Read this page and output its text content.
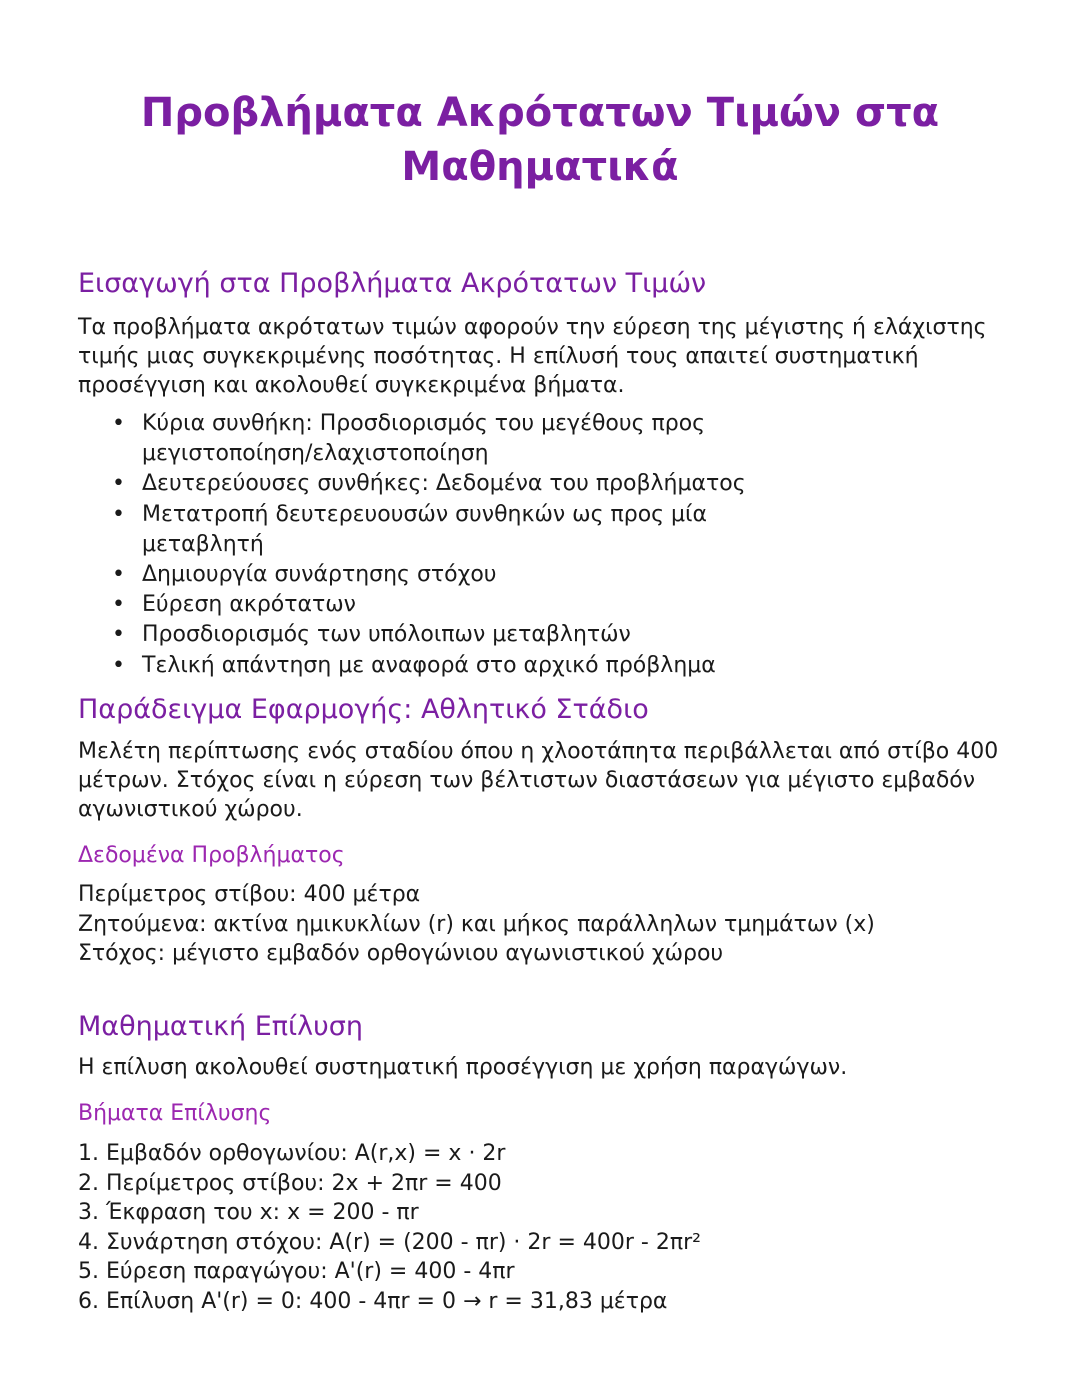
Προβλήματα Ακρότατων Τιμών στα Μαθηματικά
Εισαγωγή στα Προβλήματα Ακρότατων Τιμών

Τα προβλήματα ακρότατων τιμών αφορούν την εύρεση της μέγιστης ή ελάχιστης τιμής μιας συγκεκριμένης ποσότητας. Η επίλυσή τους απαιτεί συστηματική προσέγγιση και ακολουθεί συγκεκριμένα βήματα.

• Κύρια συνθήκη: Προσδιορισμός του μεγέθους προς μεγιστοποίηση/ελαχιστοποίηση
• Δευτερεύουσες συνθήκες: Δεδομένα του προβλήματος
• Μετατροπή δευτερευουσών συνθηκών ως προς μία μεταβλητή
• Δημιουργία συνάρτησης στόχου
• Εύρεση ακρότατων
• Προσδιορισμός των υπόλοιπων μεταβλητών
• Τελική απάντηση με αναφορά στο αρχικό πρόβλημα
Παράδειγμα Εφαρμογής: Αθλητικό Στάδιο

Μελέτη περίπτωσης ενός σταδίου όπου η χλοοτάπητα περιβάλλεται από στίβο 400 μέτρων. Στόχος είναι η εύρεση των βέλτιστων διαστάσεων για μέγιστο εμβαδόν αγωνιστικού χώρου.

Δεδομένα Προβλήματος
Περίμετρος στίβου: 400 μέτρα
Ζητούμενα: ακτίνα ημικυκλίων (r) και μήκος παράλληλων τμημάτων (x)
Στόχος: μέγιστο εμβαδόν ορθογώνιου αγωνιστικού χώρου
Μαθηματική Επίλυση

Η επίλυση ακολουθεί συστηματική προσέγγιση με χρήση παραγώγων.

Βήματα Επίλυσης
1. Εμβαδόν ορθογωνίου: A(r,x) = x · 2r
2. Περίμετρος στίβου: 2x + 2πr = 400
3. Έκφραση του x: x = 200 - πr
4. Συνάρτηση στόχου: A(r) = (200 - πr) · 2r = 400r - 2πr²
5. Εύρεση παραγώγου: A'(r) = 400 - 4πr
6. Επίλυση A'(r) = 0: 400 - 4πr = 0 → r = 31,83 μέτρα
